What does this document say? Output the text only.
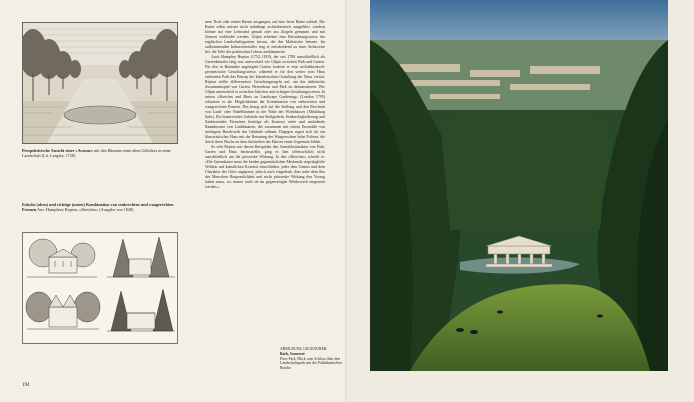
Perspektivische Ansicht einer »Avenue« mit den Bäumen eines alten Gehölzes in einer Landschaft (Lit. Langley, 1728)
Falsche (oben) und richtige (unten) Kombination von senkrechten und waagerechten Formen Aus: Humphrey Repton, »Sketches« (Ausgabe von 1840)
194

nem Tisch oder einem Bassin ausgangen, auf eine ferne Ruine zuläuft. Die Ruine selbst müsste nicht unbedingt architektonisch ausgeführt, sondern könnte auf eine Leinwand gemalt oder aus Ziegeln gemauert und mit Zement verkleidet werden. Gilpin arbeitete eine Betrachtungsweise des englischen Landschaftsgartens heraus, die das Malerische betonte. Im aufkommenden Industriezeitalter trug er entscheidend zu einer Sichtweise bei, die Teile des praktischen Lebens ausklammerte.

Auch Humphry Repton (1752–1818), der seit 1788 ausschließlich als Gartenkünstler tätig war, unterschied wie Gilpin zwischen Park und Garten. Für den in Hausnähe angelegten Garten forderte er eine architektonisch-geometrische Gestaltungsweise, während er für den weiter vom Haus entfernten Park das Prinzip der künstlerischen Gestaltung der Natur vertrat. Repton stellte differenzierte Gestaltungsregeln auf, um das ästhetische Zusammenspiel von Garten, Herrenhaus und Park zu demonstrieren. Wie Gilpin unterschied er zwischen falschen und richtigen Gestaltungsweisen. In seinen »Sketches and Hints on Landscape Gardening« (London 1795) erläuterte er die Möglichkeiten der Kombination von senkrechten und waagerechten Formen. Das bezog sich auf die Stellung und den Beschnitt von Laub- oder Nadelbäumen in der Nähe des Wohnhauses (Abbildung links). Ein hinterreiches Gebäude mit Steilgiebeln, Senkrechtgliederung und flankierenden Türmchen benötige als Kontrast weite und ausladende Baumkronen von Laubbäumen, die zusammen mit einem Ensemble von niedrigem Buschwerk das Gebäude rahmen. Dagegen sogen sich für ein klassizistisches Haus mit der Betonung der Waagerechten hohe Fichten, die durch ihren Wuchs zu dem Aufstreben des Hauses einen Gegensatz bilden.

So sehr Repton mit diesen Beispielen den Gemäldecharakter von Park, Garten und Haus herausstellte, ging es ihm offensichtlich nicht ausschließlich um die pittoreske Wirkung. In den »Sketches« schrieb er: »Die Gartenkunst muss die beiden gegensätzlichen Merkmale ursprüngliche Wildnis und künstlichen Komfort einschließen, jedes dem Genius und dem Charakter des Ortes angepasst; jedoch auch eingedenk, dass nahe dem Sitz des Menschen Bequemlichkeit und nicht pittoreske Wirkung den Vorzug haben muss, wo immer auch sie im gegenseitigen Wettbewerb eingesetzt werden.«

ABBILDUNG GEGENÜBER:
Bath, Somerset
Prior Park, Blick vom Schloss über den Landschaftspark mit der Palladianischen Brücke
